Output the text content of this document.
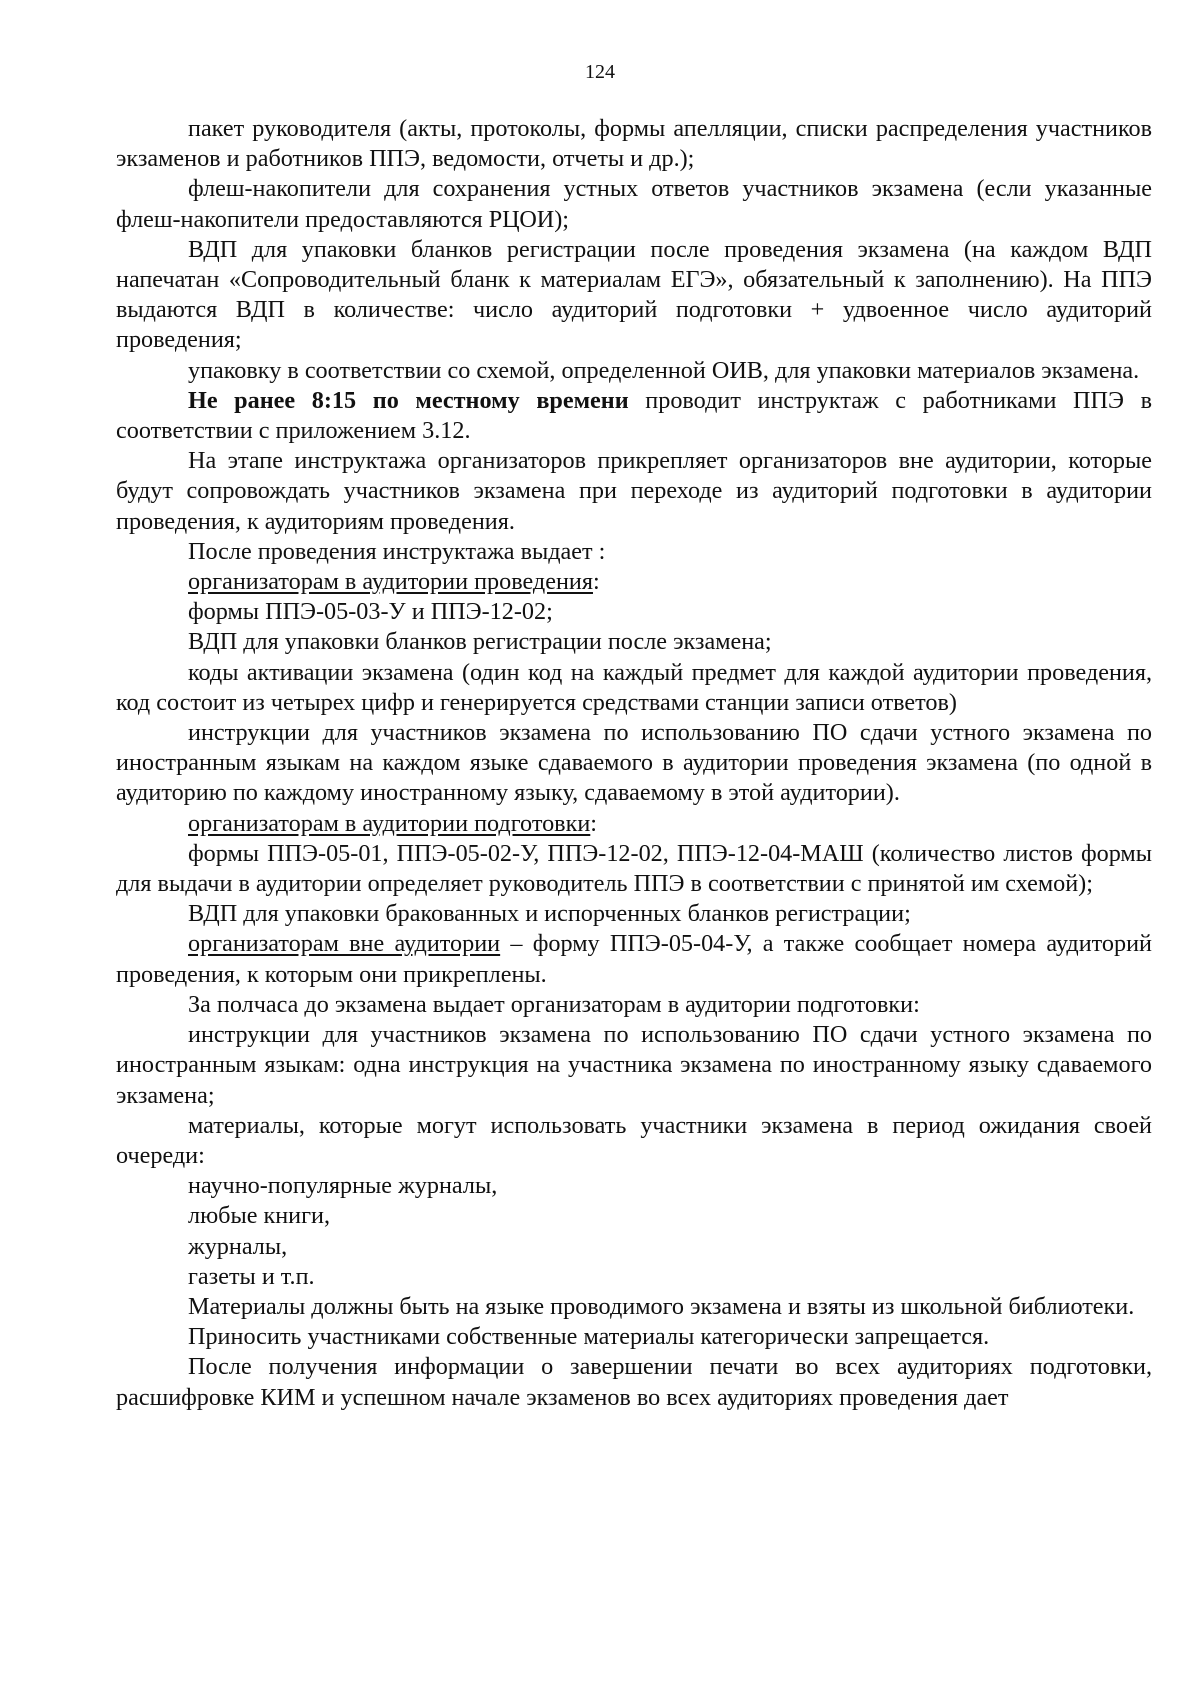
124

пакет руководителя (акты, протоколы, формы апелляции, списки распределения участников экзаменов и работников ППЭ, ведомости, отчеты и др.);

флеш-накопители для сохранения устных ответов участников экзамена (если указанные флеш-накопители предоставляются РЦОИ);

ВДП для упаковки бланков регистрации после проведения экзамена (на каждом ВДП напечатан «Сопроводительный бланк к материалам ЕГЭ», обязательный к заполнению). На ППЭ выдаются ВДП в количестве: число аудиторий подготовки + удвоенное число аудиторий проведения;

упаковку в соответствии со схемой, определенной ОИВ, для упаковки материалов экзамена.

Не ранее 8:15 по местному времени проводит инструктаж с работниками ППЭ в соответствии с приложением 3.12.

На этапе инструктажа организаторов прикрепляет организаторов вне аудитории, которые будут сопровождать участников экзамена при переходе из аудиторий подготовки в аудитории проведения, к аудиториям проведения.

После проведения инструктажа выдает :

организаторам в аудитории проведения:

формы ППЭ-05-03-У и ППЭ-12-02;

ВДП для упаковки бланков регистрации после экзамена;

коды активации экзамена (один код на каждый предмет для каждой аудитории проведения, код состоит из четырех цифр и генерируется средствами станции записи ответов)

инструкции для участников экзамена по использованию ПО сдачи устного экзамена по иностранным языкам на каждом языке сдаваемого в аудитории проведения экзамена (по одной в аудиторию по каждому иностранному языку, сдаваемому в этой аудитории).

организаторам в аудитории подготовки:

формы ППЭ-05-01, ППЭ-05-02-У, ППЭ-12-02, ППЭ-12-04-МАШ (количество листов формы для выдачи в аудитории определяет руководитель ППЭ в соответствии с принятой им схемой);

ВДП для упаковки бракованных и испорченных бланков регистрации;

организаторам вне аудитории – форму ППЭ-05-04-У, а также сообщает номера аудиторий проведения, к которым они прикреплены.

За полчаса до экзамена выдает организаторам в аудитории подготовки:

инструкции для участников экзамена по использованию ПО сдачи устного экзамена по иностранным языкам: одна инструкция на участника экзамена по иностранному языку сдаваемого экзамена;

материалы, которые могут использовать участники экзамена в период ожидания своей очереди:

научно-популярные журналы,

любые книги,

журналы,

газеты и т.п.

Материалы должны быть на языке проводимого экзамена и взяты из школьной библиотеки.

Приносить участниками собственные материалы категорически запрещается.

После получения информации о завершении печати во всех аудиториях подготовки, расшифровке КИМ и успешном начале экзаменов во всех аудиториях проведения дает
